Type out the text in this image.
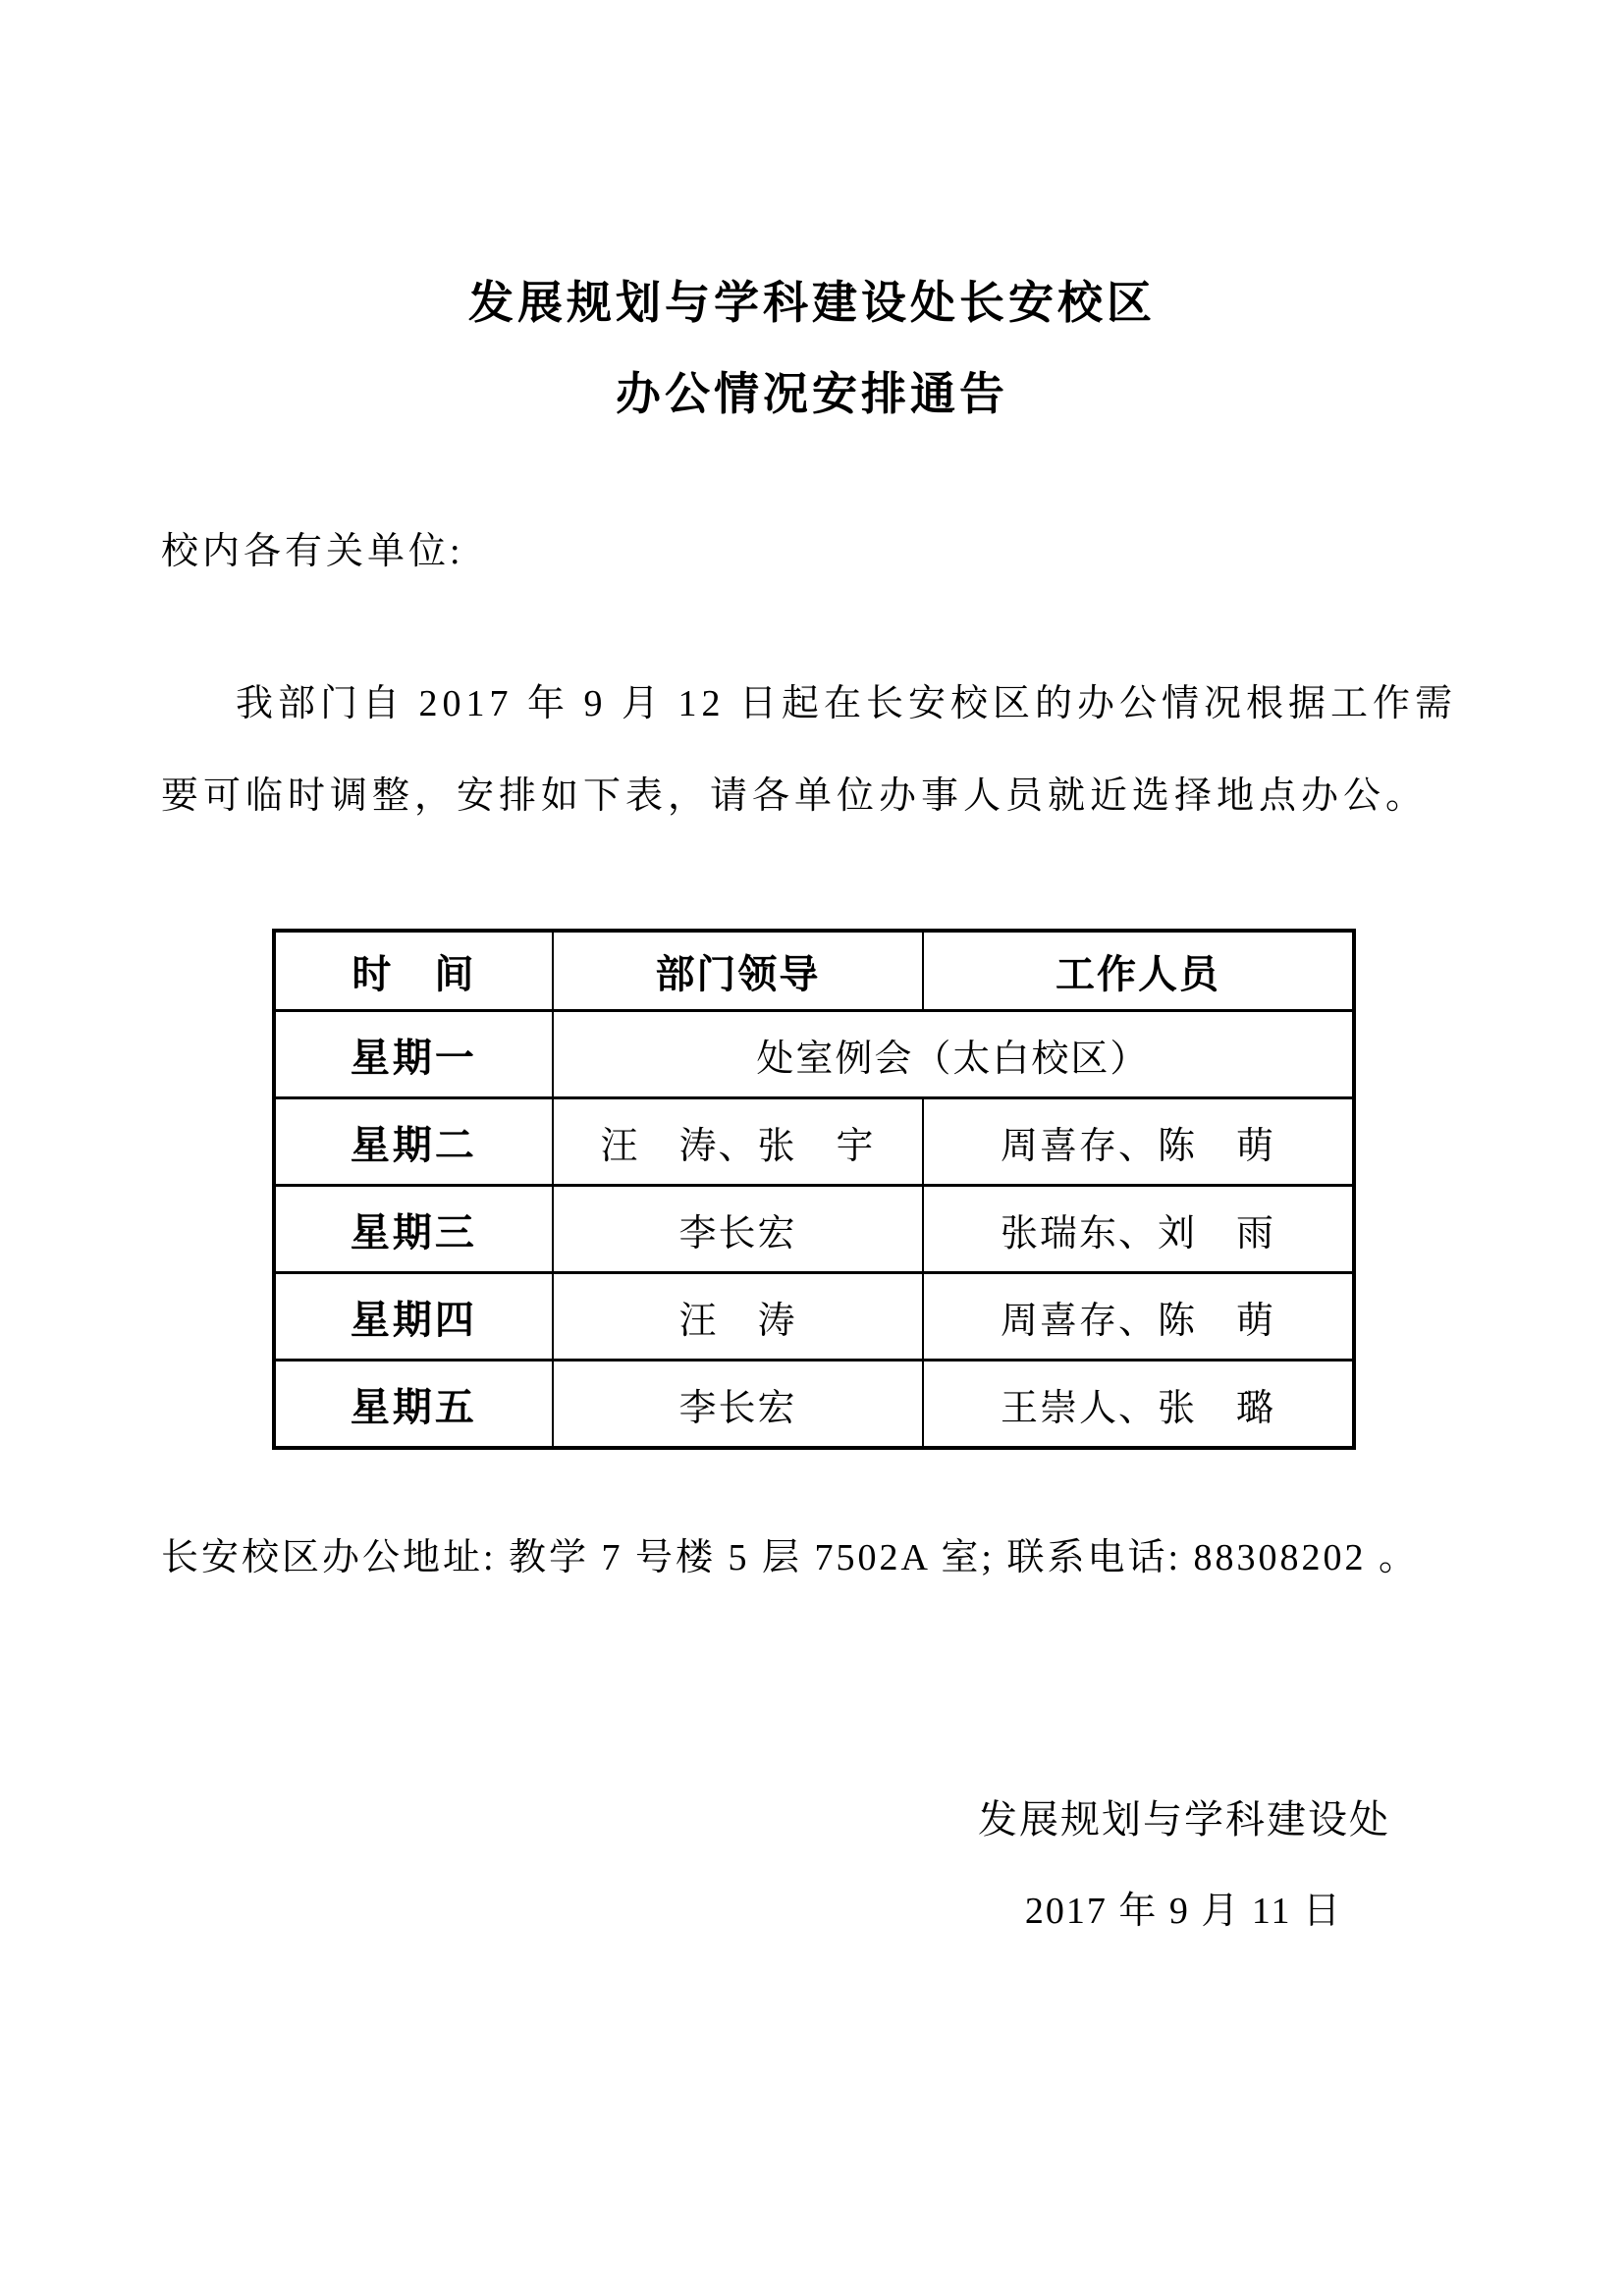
发展规划与学科建设处长安校区
办公情况安排通告
校内各有关单位:
我部门自 2017 年 9 月 12 日起在长安校区的办公情况根据工作需
要可临时调整，安排如下表，请各单位办事人员就近选择地点办公。
时　间	部门领导	工作人员
星期一	处室例会（太白校区）	
星期二	汪　涛、张　宇	周喜存、陈　萌
星期三	李长宏	张瑞东、刘　雨
星期四	汪　涛	周喜存、陈　萌
星期五	李长宏	王崇人、张　璐
长安校区办公地址: 教学 7 号楼 5 层 7502A 室; 联系电话: 88308202 。
发展规划与学科建设处
2017 年 9 月 11 日
